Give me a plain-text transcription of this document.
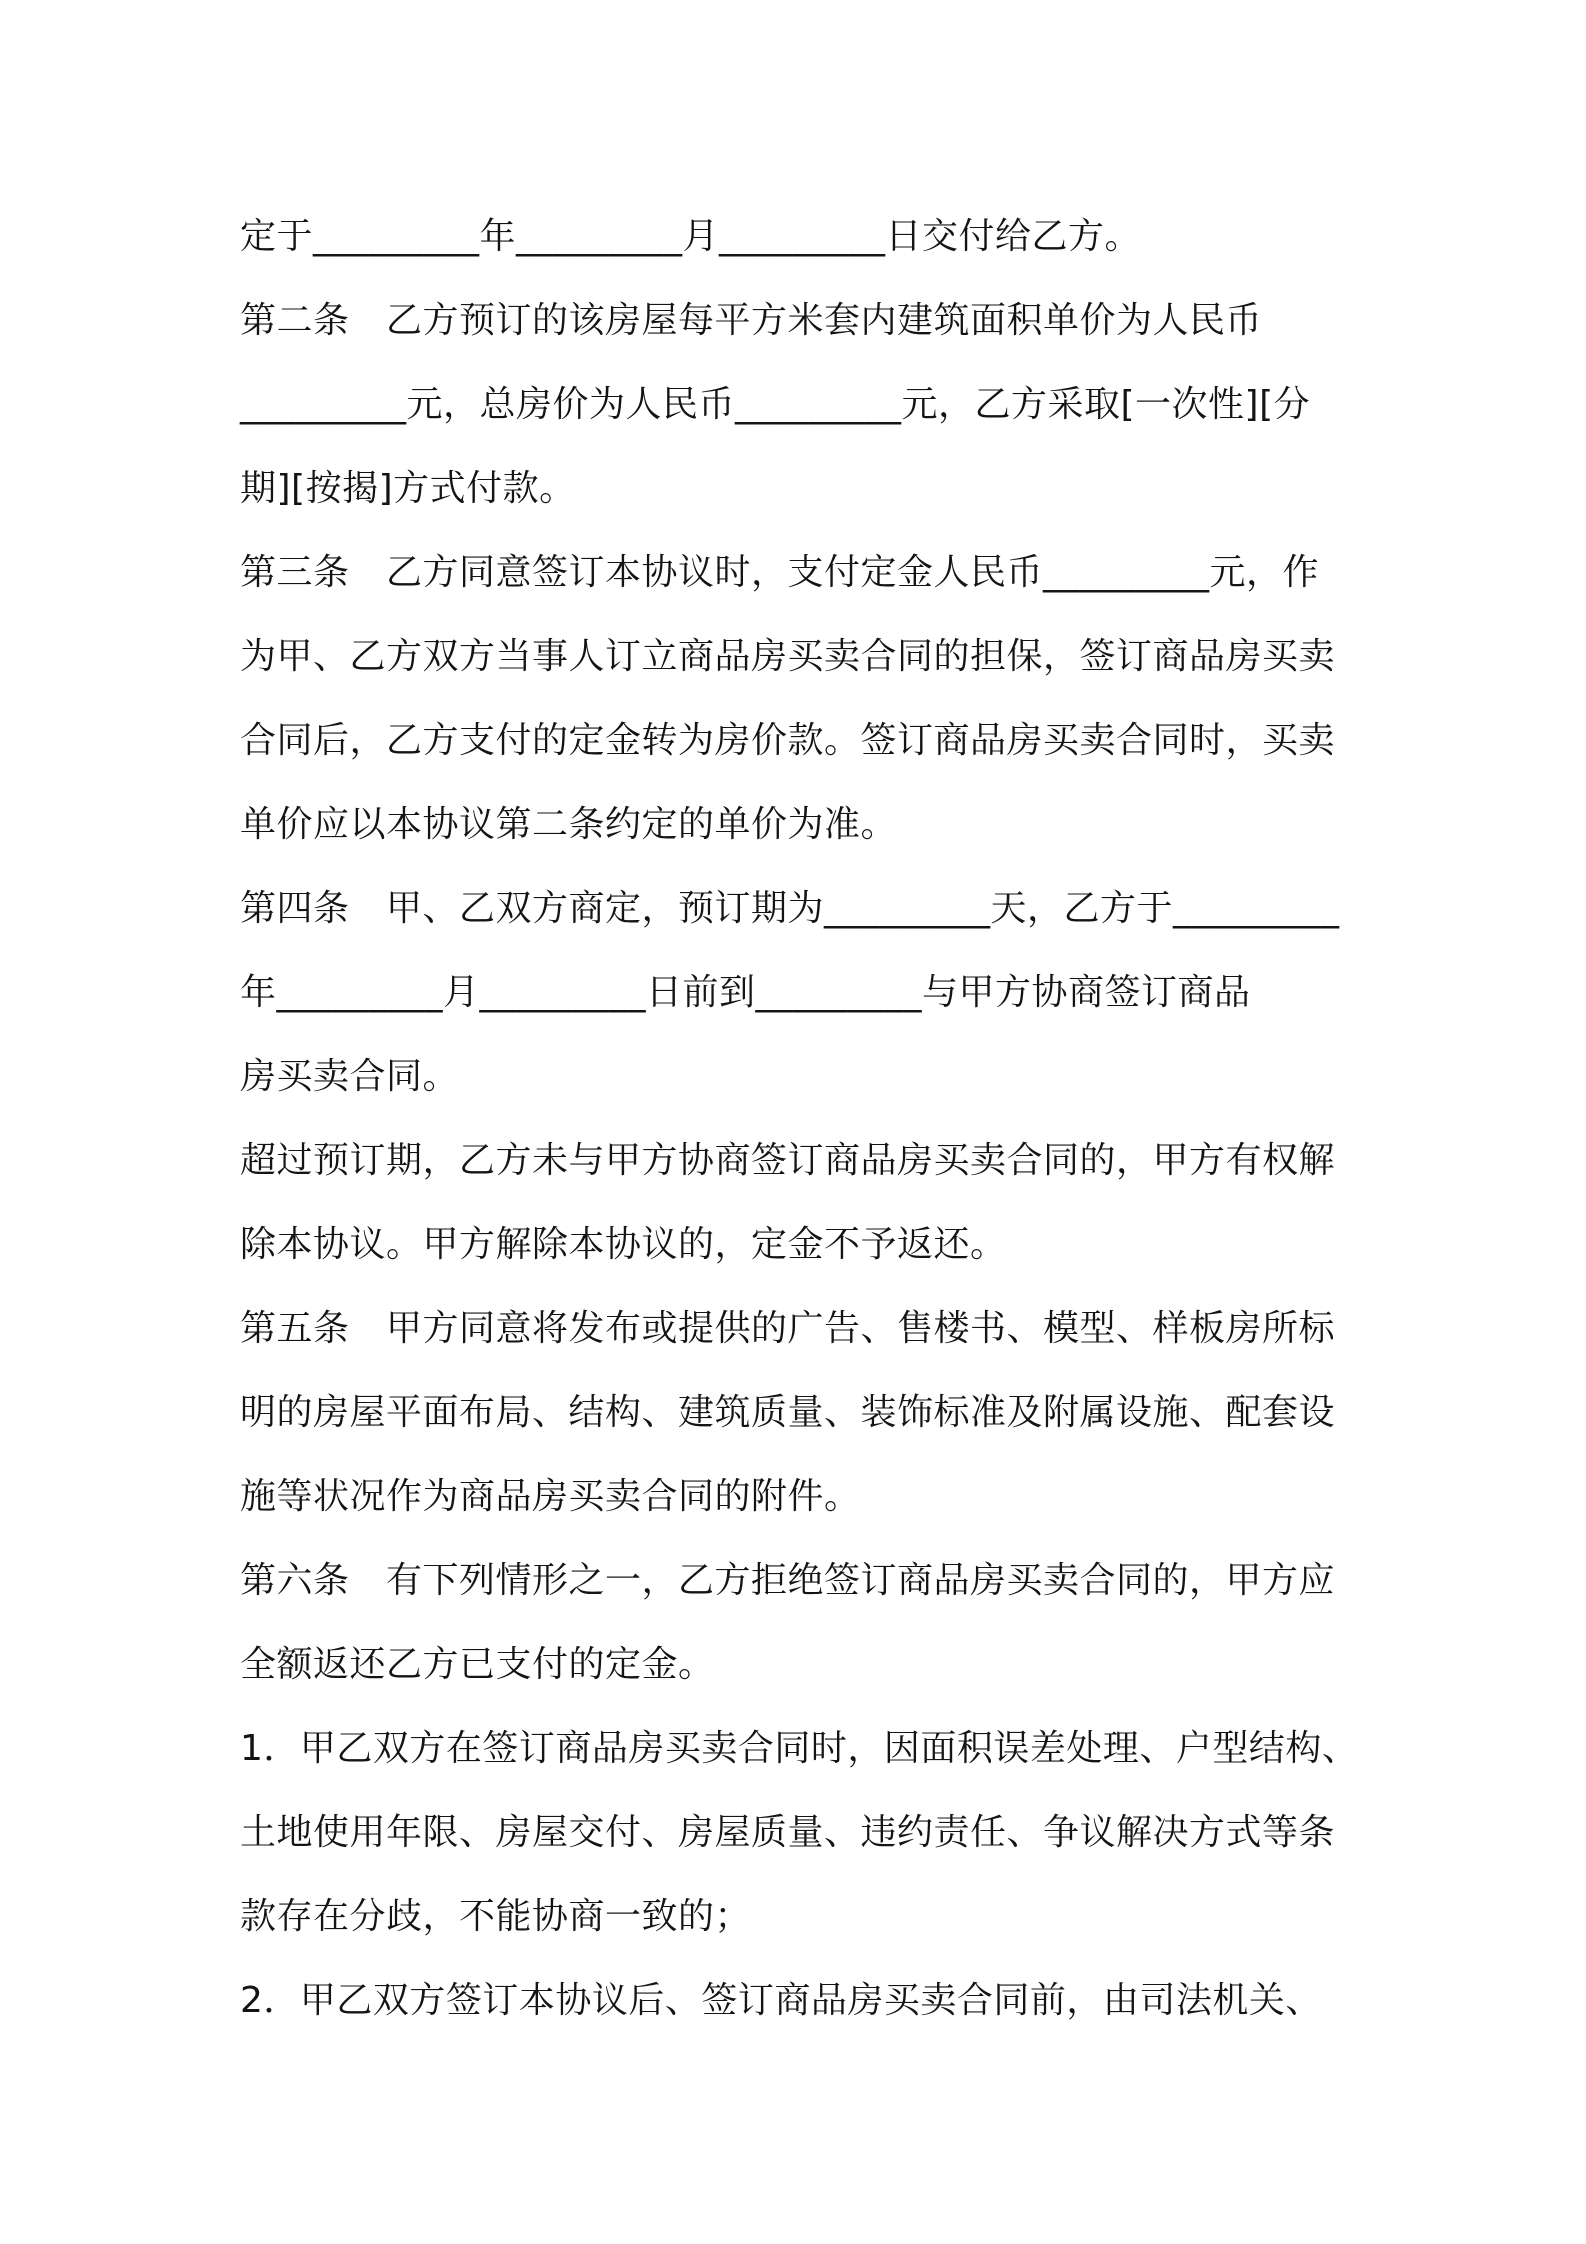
定于_________年_________月_________日交付给乙方。
第二条　乙方预订的该房屋每平方米套内建筑面积单价为人民币
_________元，总房价为人民币_________元，乙方采取[一次性][分
期][按揭]方式付款。
第三条　乙方同意签订本协议时，支付定金人民币_________元，作
为甲、乙方双方当事人订立商品房买卖合同的担保，签订商品房买卖
合同后，乙方支付的定金转为房价款。签订商品房买卖合同时，买卖
单价应以本协议第二条约定的单价为准。
第四条　甲、乙双方商定，预订期为_________天，乙方于_________
年_________月_________日前到_________与甲方协商签订商品
房买卖合同。
超过预订期，乙方未与甲方协商签订商品房买卖合同的，甲方有权解
除本协议。甲方解除本协议的，定金不予返还。
第五条　甲方同意将发布或提供的广告、售楼书、模型、样板房所标
明的房屋平面布局、结构、建筑质量、装饰标准及附属设施、配套设
施等状况作为商品房买卖合同的附件。
第六条　有下列情形之一，乙方拒绝签订商品房买卖合同的，甲方应
全额返还乙方已支付的定金。
1．甲乙双方在签订商品房买卖合同时，因面积误差处理、户型结构、
土地使用年限、房屋交付、房屋质量、违约责任、争议解决方式等条
款存在分歧，不能协商一致的；
2．甲乙双方签订本协议后、签订商品房买卖合同前，由司法机关、
